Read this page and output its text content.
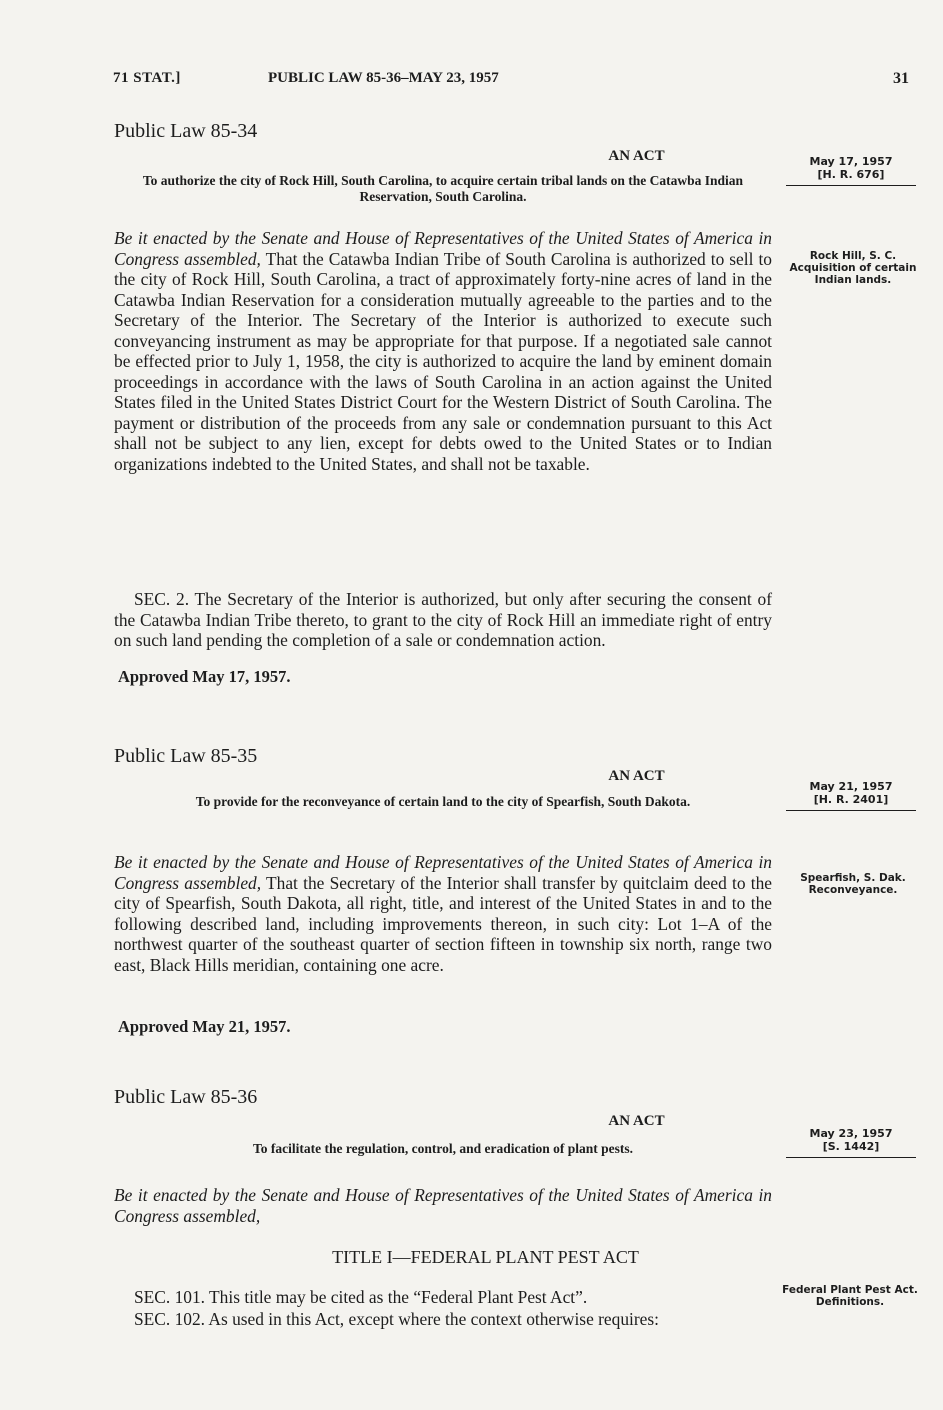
71 STAT.]	PUBLIC LAW 85-36–MAY 23, 1957	31
Public Law 85-34
AN ACT
To authorize the city of Rock Hill, South Carolina, to acquire certain tribal lands on the Catawba Indian Reservation, South Carolina.
May 17, 1957
[H. R. 676]
Rock Hill, S. C. Acquisition of certain Indian lands.
Be it enacted by the Senate and House of Representatives of the United States of America in Congress assembled, That the Catawba Indian Tribe of South Carolina is authorized to sell to the city of Rock Hill, South Carolina, a tract of approximately forty-nine acres of land in the Catawba Indian Reservation for a consideration mutually agreeable to the parties and to the Secretary of the Interior. The Secretary of the Interior is authorized to execute such conveyancing instrument as may be appropriate for that purpose. If a negotiated sale cannot be effected prior to July 1, 1958, the city is authorized to acquire the land by eminent domain proceedings in accordance with the laws of South Carolina in an action against the United States filed in the United States District Court for the Western District of South Carolina. The payment or distribution of the proceeds from any sale or condemnation pursuant to this Act shall not be subject to any lien, except for debts owed to the United States or to Indian organizations indebted to the United States, and shall not be taxable.
SEC. 2. The Secretary of the Interior is authorized, but only after securing the consent of the Catawba Indian Tribe thereto, to grant to the city of Rock Hill an immediate right of entry on such land pending the completion of a sale or condemnation action.
Approved May 17, 1957.
Public Law 85-35
AN ACT
To provide for the reconveyance of certain land to the city of Spearfish, South Dakota.
May 21, 1957
[H. R. 2401]
Spearfish, S. Dak. Reconveyance.
Be it enacted by the Senate and House of Representatives of the United States of America in Congress assembled, That the Secretary of the Interior shall transfer by quitclaim deed to the city of Spearfish, South Dakota, all right, title, and interest of the United States in and to the following described land, including improvements thereon, in such city: Lot 1–A of the northwest quarter of the southeast quarter of section fifteen in township six north, range two east, Black Hills meridian, containing one acre.
Approved May 21, 1957.
Public Law 85-36
AN ACT
To facilitate the regulation, control, and eradication of plant pests.
May 23, 1957
[S. 1442]
Be it enacted by the Senate and House of Representatives of the United States of America in Congress assembled,
TITLE I—FEDERAL PLANT PEST ACT
SEC. 101. This title may be cited as the “Federal Plant Pest Act”.
SEC. 102. As used in this Act, except where the context otherwise requires:
Federal Plant Pest Act.
Definitions.
